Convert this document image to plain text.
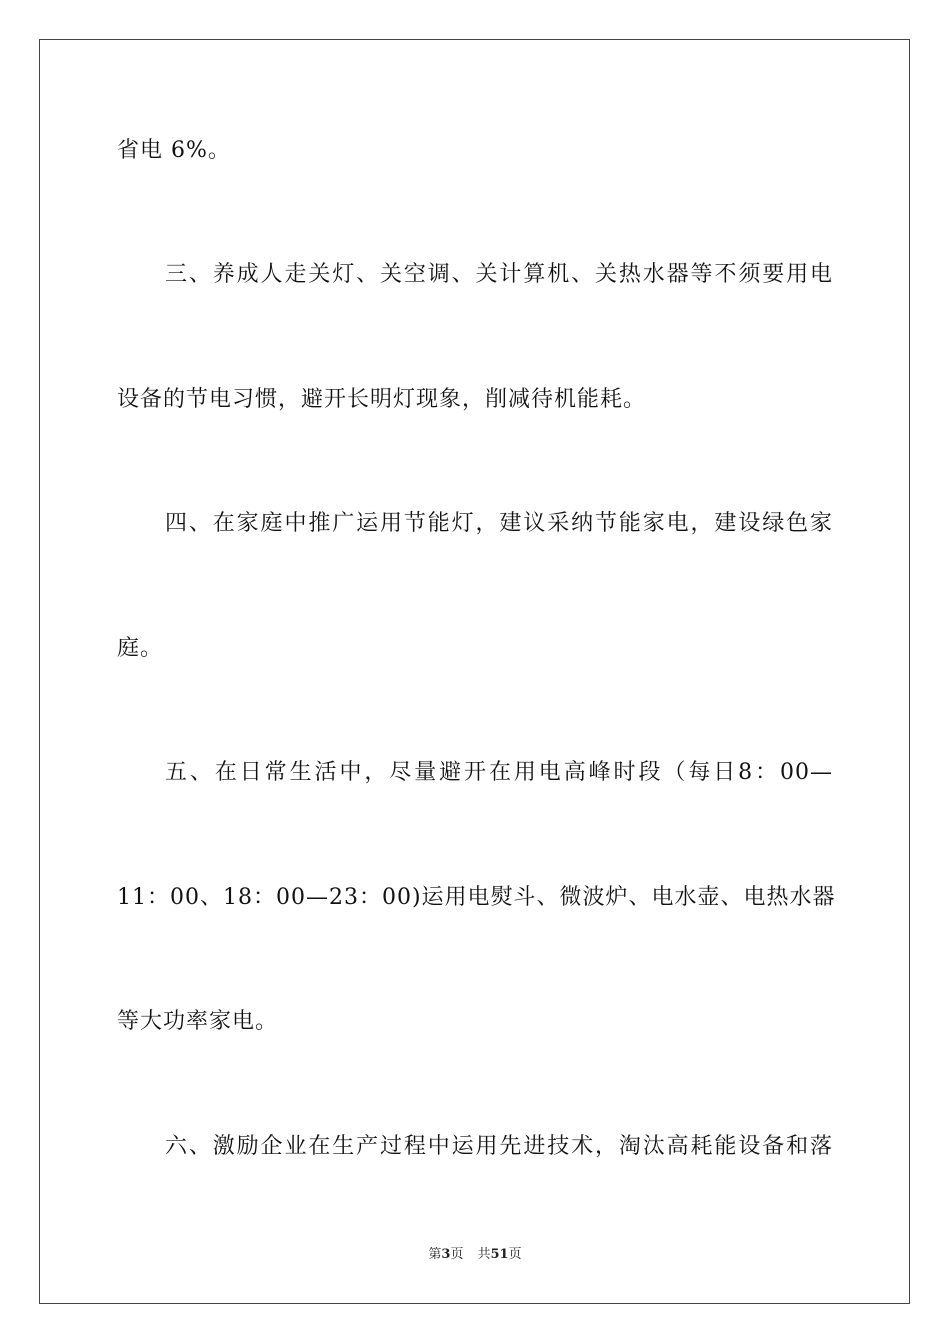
省电 6%。
三、养成人走关灯、关空调、关计算机、关热水器等不须要用电
设备的节电习惯，避开长明灯现象，削减待机能耗。
四、在家庭中推广运用节能灯，建议采纳节能家电，建设绿色家
庭。
五、在日常生活中，尽量避开在用电高峰时段（每日8：00—
11：00、18：00—23：00)运用电熨斗、微波炉、电水壶、电热水器
等大功率家电。
六、激励企业在生产过程中运用先进技术，淘汰高耗能设备和落
第3页 共51页
